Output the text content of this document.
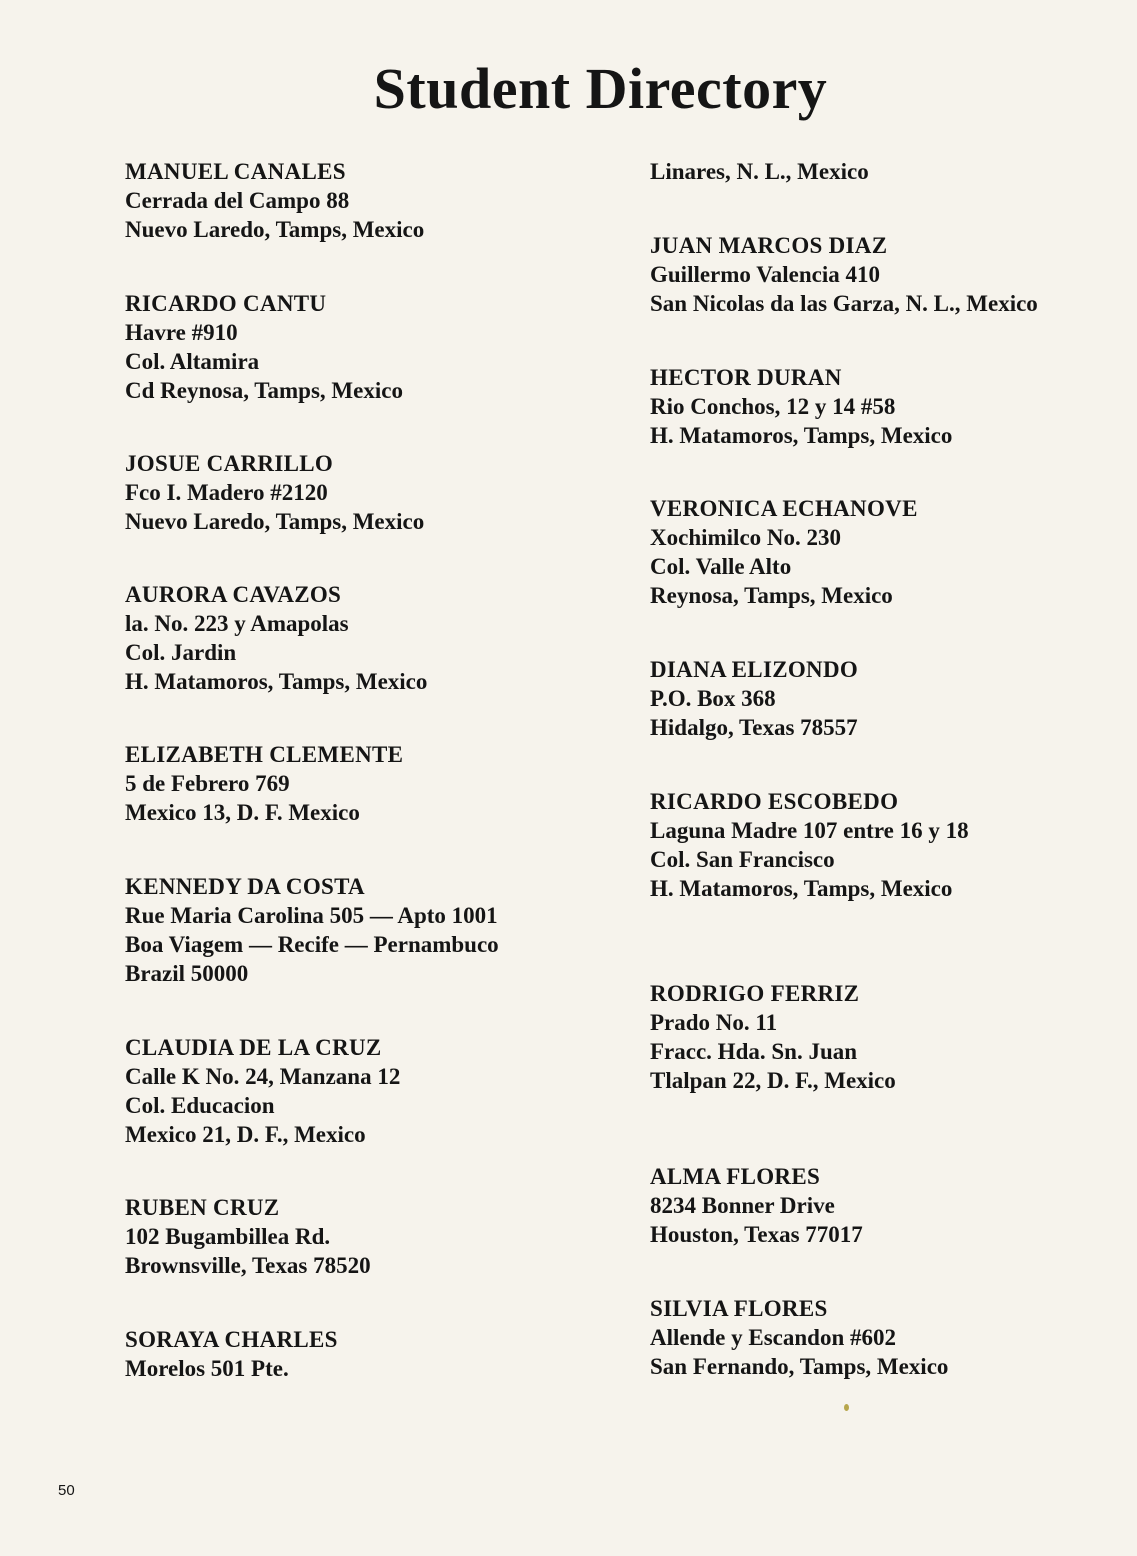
Student Directory
MANUEL CANALES
Cerrada del Campo 88
Nuevo Laredo, Tamps, Mexico
RICARDO CANTU
Havre #910
Col. Altamira
Cd Reynosa, Tamps, Mexico
JOSUE CARRILLO
Fco I. Madero #2120
Nuevo Laredo, Tamps, Mexico
AURORA CAVAZOS
la. No. 223 y Amapolas
Col. Jardin
H. Matamoros, Tamps, Mexico
ELIZABETH CLEMENTE
5 de Febrero 769
Mexico 13, D. F. Mexico
KENNEDY DA COSTA
Rue Maria Carolina 505 — Apto 1001
Boa Viagem — Recife — Pernambuco
Brazil 50000
CLAUDIA DE LA CRUZ
Calle K No. 24, Manzana 12
Col. Educacion
Mexico 21, D. F., Mexico
RUBEN CRUZ
102 Bugambillea Rd.
Brownsville, Texas 78520
SORAYA CHARLES
Morelos 501 Pte.
Linares, N. L., Mexico
JUAN MARCOS DIAZ
Guillermo Valencia 410
San Nicolas da las Garza, N. L., Mexico
HECTOR DURAN
Rio Conchos, 12 y 14 #58
H. Matamoros, Tamps, Mexico
VERONICA ECHANOVE
Xochimilco No. 230
Col. Valle Alto
Reynosa, Tamps, Mexico
DIANA ELIZONDO
P.O. Box 368
Hidalgo, Texas 78557
RICARDO ESCOBEDO
Laguna Madre 107 entre 16 y 18
Col. San Francisco
H. Matamoros, Tamps, Mexico
RODRIGO FERRIZ
Prado No. 11
Fracc. Hda. Sn. Juan
Tlalpan 22, D. F., Mexico
ALMA FLORES
8234 Bonner Drive
Houston, Texas 77017
SILVIA FLORES
Allende y Escandon #602
San Fernando, Tamps, Mexico
50
